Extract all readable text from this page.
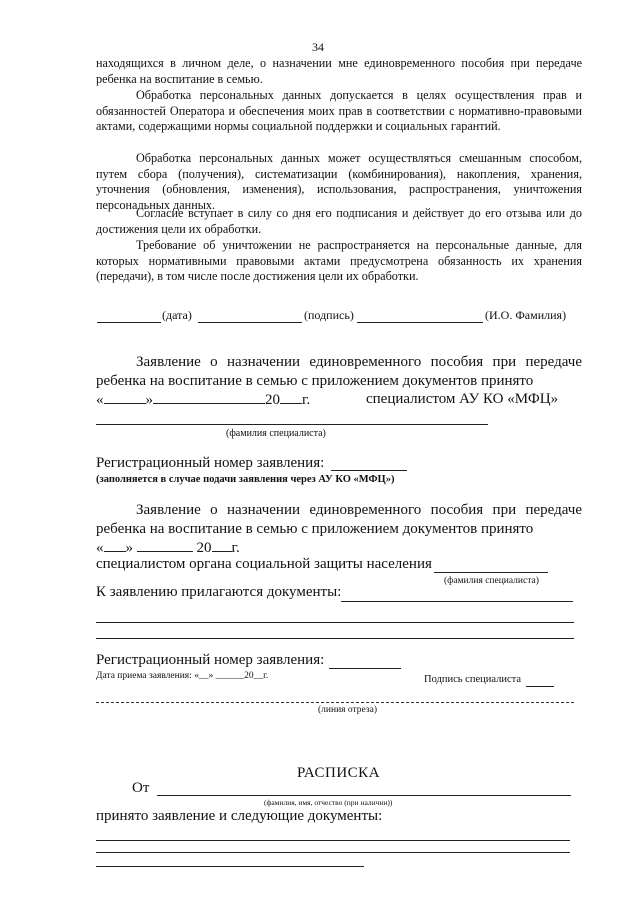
34
находящихся в личном деле, о назначении мне единовременного пособия при передаче ребенка на воспитание в семью.
Обработка персональных данных допускается в целях осуществления прав и обязанностей Оператора и обеспечения моих прав в соответствии с нормативно-правовыми актами, содержащими нормы социальной поддержки и социальных гарантий.
Обработка персональных данных может осуществляться смешанным способом, путем сбора (получения), систематизации (комбинирования), накопления, хранения, уточнения (обновления, изменения), использования, распространения, уничтожения персональных данных.
Согласие вступает в силу со дня его подписания и действует до его отзыва или до достижения цели их обработки.
Требование об уничтожении не распространяется на персональные данные, для которых нормативными правовыми актами предусмотрена обязанность их хранения (передачи), в том числе после достижения цели их обработки.
(дата)	(подпись)	(И.О. Фамилия)
Заявление о назначении единовременного пособия при передаче ребенка на воспитание в семью с приложением документов принято
«	»	20 г.	специалистом АУ КО «МФЦ»
(фамилия специалиста)
Регистрационный номер заявления:
(заполняется в случае подачи заявления через АУ КО «МФЦ»)
Заявление о назначении единовременного пособия при передаче ребенка на воспитание в семью с приложением документов принято
« »	20 г.
специалистом органа социальной защиты населения
(фамилия специалиста)
К заявлению прилагаются документы:
Регистрационный номер заявления:
Дата приема заявления: «__» ______20__г.	Подпись специалиста
(линия отреза)
РАСПИСКА
От
(фамилия, имя, отчество (при наличии))
принято заявление и следующие документы:
